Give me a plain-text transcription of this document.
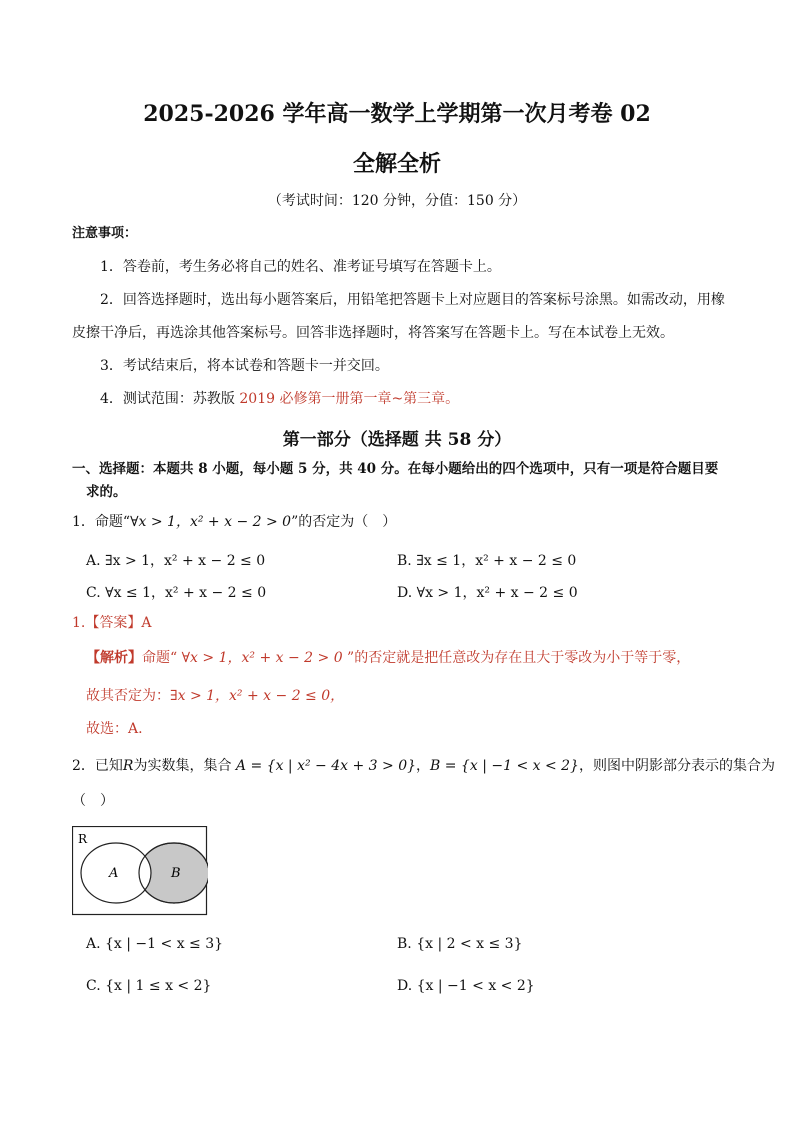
2025-2026 学年高一数学上学期第一次月考卷 02
全解全析
（考试时间：120 分钟，分值：150 分）
注意事项：
1．答卷前，考生务必将自己的姓名、准考证号填写在答题卡上。
2．回答选择题时，选出每小题答案后，用铅笔把答题卡上对应题目的答案标号涂黑。如需改动，用橡
皮擦干净后，再选涂其他答案标号。回答非选择题时，将答案写在答题卡上。写在本试卷上无效。
3．考试结束后，将本试卷和答题卡一并交回。
4．测试范围：苏教版 2019 必修第一册第一章~第三章。
第一部分（选择题 共 58 分）
一、选择题：本题共 8 小题，每小题 5 分，共 40 分。在每小题给出的四个选项中，只有一项是符合题目要
求的。
1．命题“∀x > 1，x² + x − 2 > 0”的否定为（　）
A. ∃x > 1，x² + x − 2 ≤ 0	B. ∃x ≤ 1，x² + x − 2 ≤ 0
C. ∀x ≤ 1，x² + x − 2 ≤ 0	D. ∀x > 1，x² + x − 2 ≤ 0
1.【答案】A
【解析】命题“ ∀x > 1，x² + x − 2 > 0 ”的否定就是把任意改为存在且大于零改为小于等于零，
故其否定为：∃x > 1，x² + x − 2 ≤ 0，
故选：A.
2．已知R为实数集，集合 A = {x | x² − 4x + 3 > 0}，B = {x | −1 < x < 2}，则图中阴影部分表示的集合为
（　）
R
A	B
A. {x | −1 < x ≤ 3}	B. {x | 2 < x ≤ 3}
C. {x | 1 ≤ x < 2}	D. {x | −1 < x < 2}
